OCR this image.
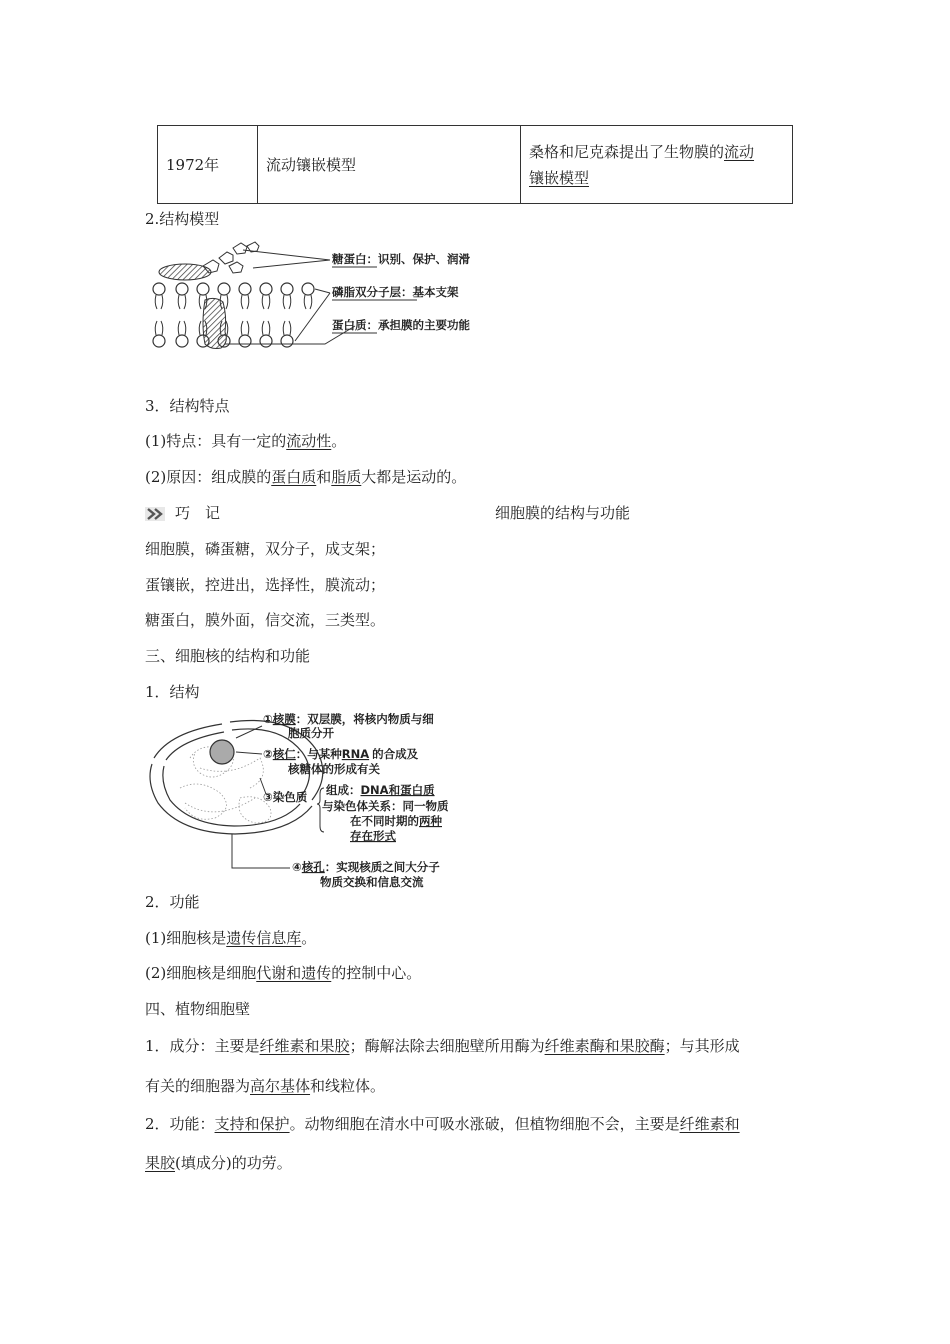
1972年	流动镶嵌模型	桑格和尼克森提出了生物膜的流动
镶嵌模型
2.结构模型
糖蛋白：识别、保护、润滑
磷脂双分子层：基本支架
蛋白质：承担膜的主要功能
3．结构特点
(1)特点：具有一定的流动性。
(2)原因：组成膜的蛋白质和脂质大都是运动的。
巧　记	细胞膜的结构与功能
细胞膜，磷蛋糖，双分子，成支架；
蛋镶嵌，控进出，选择性，膜流动；
糖蛋白，膜外面，信交流，三类型。
三、细胞核的结构和功能
1．结构
①核膜：双层膜，将核内物质与细
胞质分开
②核仁：与某种RNA 的合成及
核糖体的形成有关
③染色质 组成：DNA和蛋白质
与染色体关系：同一物质
在不同时期的两种
存在形式
④核孔：实现核质之间大分子
物质交换和信息交流
2．功能
(1)细胞核是遗传信息库。
(2)细胞核是细胞代谢和遗传的控制中心。
四、植物细胞壁
1．成分：主要是纤维素和果胶；酶解法除去细胞壁所用酶为纤维素酶和果胶酶；与其形成
有关的细胞器为高尔基体和线粒体。
2．功能：支持和保护。动物细胞在清水中可吸水涨破，但植物细胞不会，主要是纤维素和
果胶(填成分)的功劳。
